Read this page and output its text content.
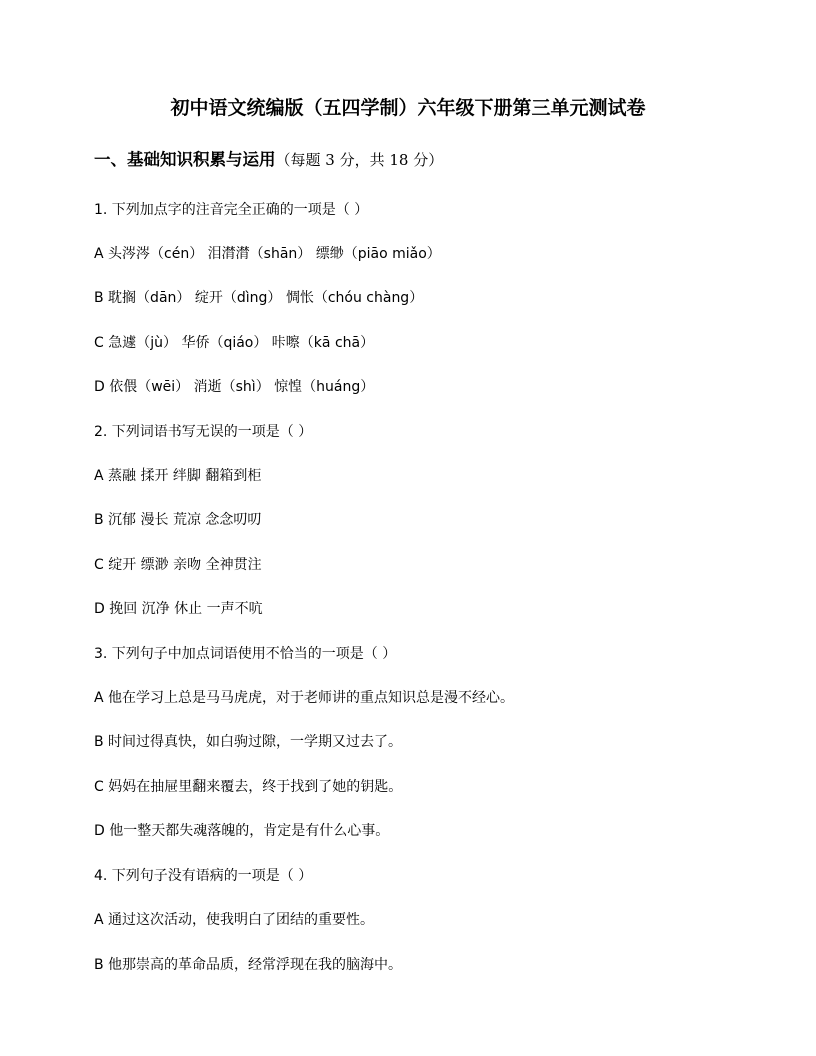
初中语文统编版（五四学制）六年级下册第三单元测试卷
一、基础知识积累与运用（每题 3 分，共 18 分）
1. 下列加点字的注音完全正确的一项是（ ）
A 头涔涔（cén） 泪潸潸（shān） 缥缈（piāo miǎo）
B 耽搁（dān） 绽开（dìng） 惆怅（chóu chàng）
C 急遽（jù） 华侨（qiáo） 咔嚓（kā chā）
D 依偎（wēi） 消逝（shì） 惊惶（huáng）
2. 下列词语书写无误的一项是（ ）
A 蒸融 揉开 绊脚 翻箱到柜
B 沉郁 漫长 荒凉 念念叨叨
C 绽开 缥渺 亲吻 全神贯注
D 挽回 沉净 休止 一声不吭
3. 下列句子中加点词语使用不恰当的一项是（ ）
A 他在学习上总是马马虎虎，对于老师讲的重点知识总是漫不经心。
B 时间过得真快，如白驹过隙，一学期又过去了。
C 妈妈在抽屉里翻来覆去，终于找到了她的钥匙。
D 他一整天都失魂落魄的，肯定是有什么心事。
4. 下列句子没有语病的一项是（ ）
A 通过这次活动，使我明白了团结的重要性。
B 他那崇高的革命品质，经常浮现在我的脑海中。
